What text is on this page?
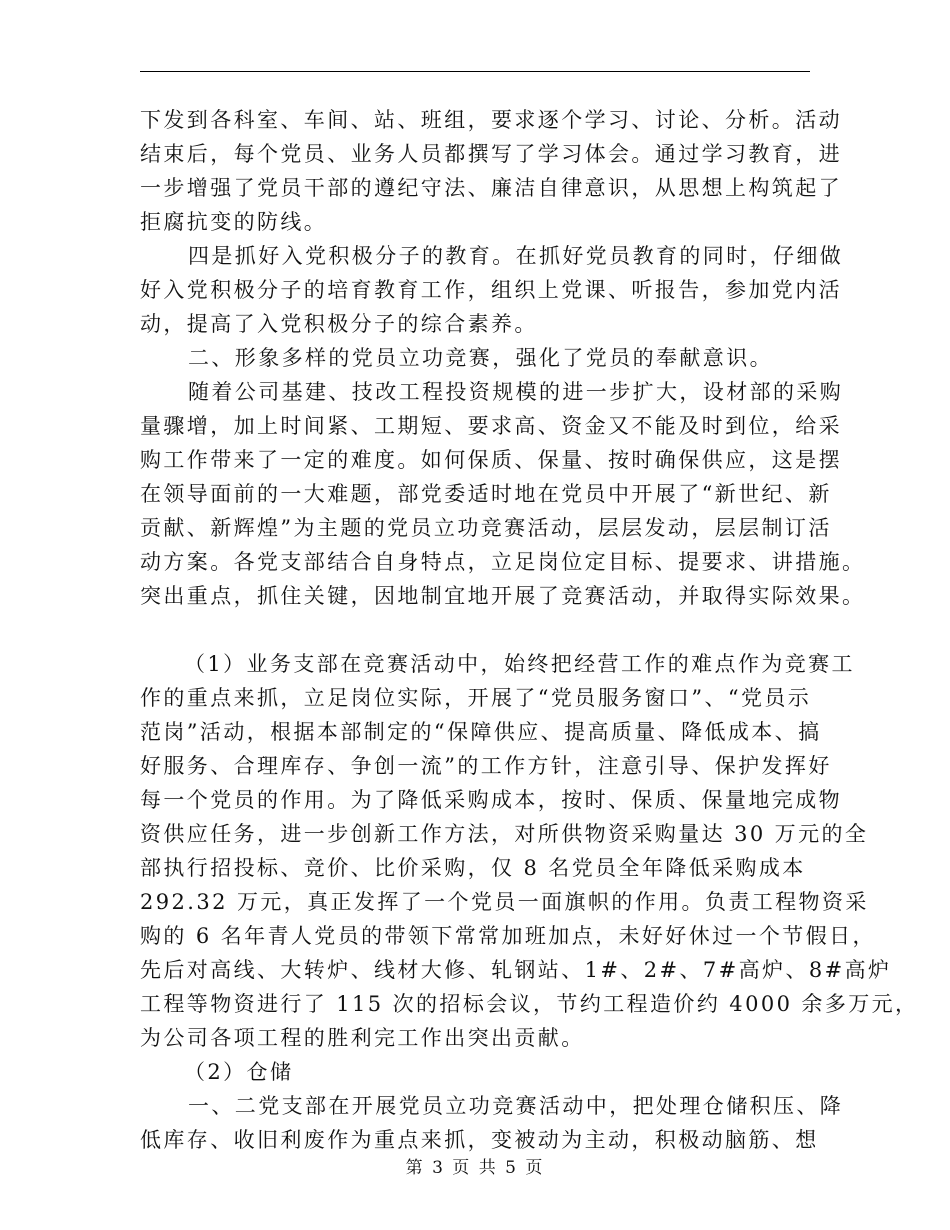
下发到各科室、车间、站、班组，要求逐个学习、讨论、分析。活动
结束后，每个党员、业务人员都撰写了学习体会。通过学习教育，进
一步增强了党员干部的遵纪守法、廉洁自律意识，从思想上构筑起了
拒腐抗变的防线。
四是抓好入党积极分子的教育。在抓好党员教育的同时，仔细做
好入党积极分子的培育教育工作，组织上党课、听报告，参加党内活
动，提高了入党积极分子的综合素养。
二、形象多样的党员立功竞赛，强化了党员的奉献意识。
随着公司基建、技改工程投资规模的进一步扩大，设材部的采购
量骤增，加上时间紧、工期短、要求高、资金又不能及时到位，给采
购工作带来了一定的难度。如何保质、保量、按时确保供应，这是摆
在领导面前的一大难题，部党委适时地在党员中开展了“新世纪、新
贡献、新辉煌”为主题的党员立功竞赛活动，层层发动，层层制订活
动方案。各党支部结合自身特点，立足岗位定目标、提要求、讲措施。
突出重点，抓住关键，因地制宜地开展了竞赛活动，并取得实际效果。
（1）业务支部在竞赛活动中，始终把经营工作的难点作为竞赛工
作的重点来抓，立足岗位实际，开展了“党员服务窗口”、“党员示
范岗”活动，根据本部制定的“保障供应、提高质量、降低成本、搞
好服务、合理库存、争创一流”的工作方针，注意引导、保护发挥好
每一个党员的作用。为了降低采购成本，按时、保质、保量地完成物
资供应任务，进一步创新工作方法，对所供物资采购量达 30 万元的全
部执行招投标、竞价、比价采购，仅 8 名党员全年降低采购成本
292.32 万元，真正发挥了一个党员一面旗帜的作用。负责工程物资采
购的 6 名年青人党员的带领下常常加班加点，未好好休过一个节假日，
先后对高线、大转炉、线材大修、轧钢站、1#、2#、7#高炉、8#高炉
工程等物资进行了 115 次的招标会议，节约工程造价约 4000 余多万元，
为公司各项工程的胜利完工作出突出贡献。
（2）仓储
一、二党支部在开展党员立功竞赛活动中，把处理仓储积压、降
低库存、收旧利废作为重点来抓，变被动为主动，积极动脑筋、想
第 3 页 共 5 页
